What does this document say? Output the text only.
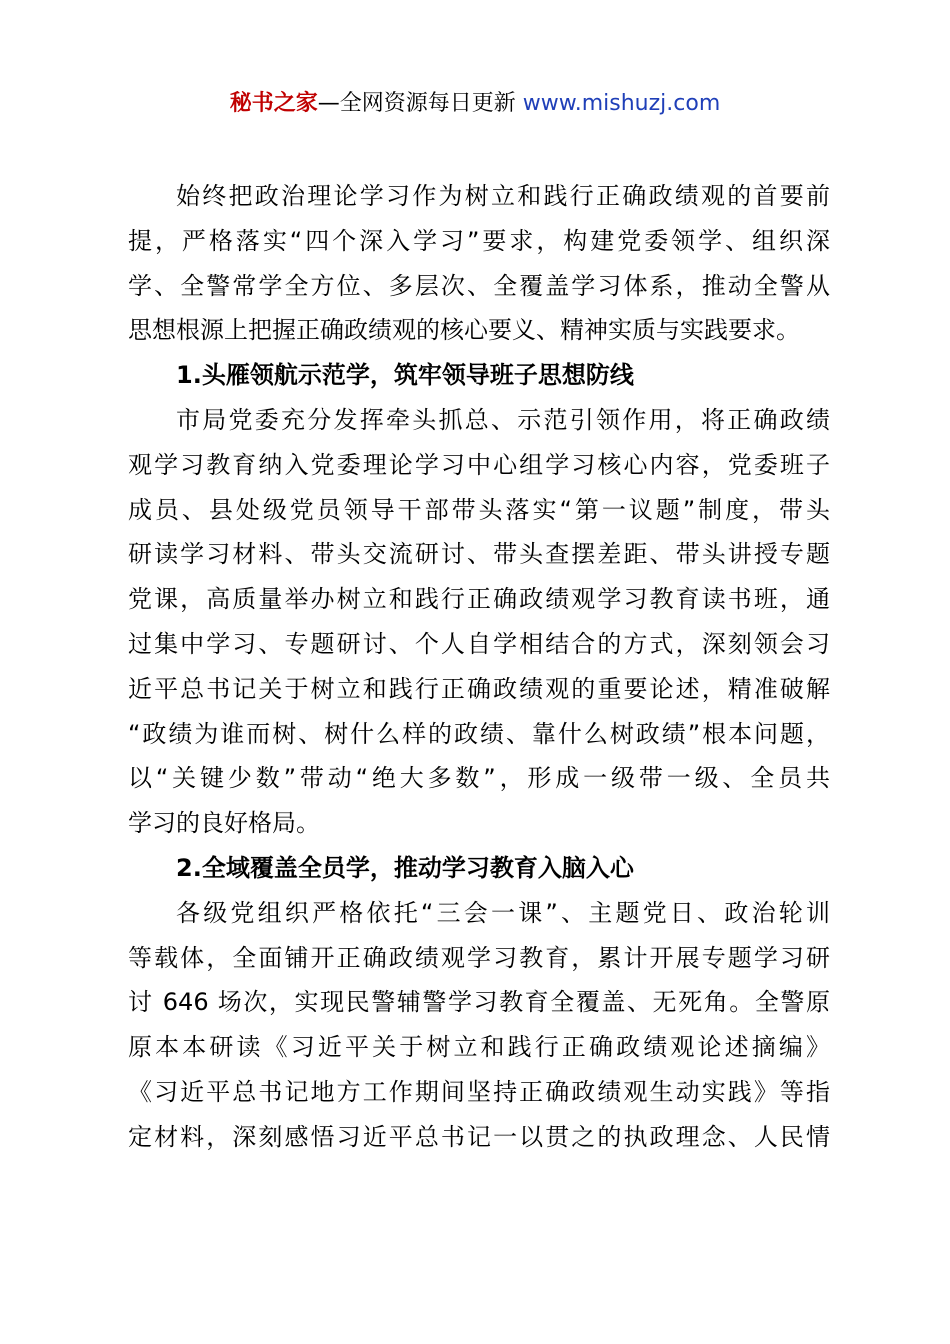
秘书之家—全网资源每日更新 www.mishuzj.com
始终把政治理论学习作为树立和践行正确政绩观的首要前
提，严格落实“四个深入学习”要求，构建党委领学、组织深
学、全警常学全方位、多层次、全覆盖学习体系，推动全警从
思想根源上把握正确政绩观的核心要义、精神实质与实践要求。
1.头雁领航示范学，筑牢领导班子思想防线
市局党委充分发挥牵头抓总、示范引领作用，将正确政绩
观学习教育纳入党委理论学习中心组学习核心内容，党委班子
成员、县处级党员领导干部带头落实“第一议题”制度，带头
研读学习材料、带头交流研讨、带头查摆差距、带头讲授专题
党课，高质量举办树立和践行正确政绩观学习教育读书班，通
过集中学习、专题研讨、个人自学相结合的方式，深刻领会习
近平总书记关于树立和践行正确政绩观的重要论述，精准破解
“政绩为谁而树、树什么样的政绩、靠什么树政绩”根本问题，
以“关键少数”带动“绝大多数”，形成一级带一级、全员共
学习的良好格局。
2.全域覆盖全员学，推动学习教育入脑入心
各级党组织严格依托“三会一课”、主题党日、政治轮训
等载体，全面铺开正确政绩观学习教育，累计开展专题学习研
讨 646 场次，实现民警辅警学习教育全覆盖、无死角。全警原
原本本研读《习近平关于树立和践行正确政绩观论述摘编》
《习近平总书记地方工作期间坚持正确政绩观生动实践》等指
定材料，深刻感悟习近平总书记一以贯之的执政理念、人民情
